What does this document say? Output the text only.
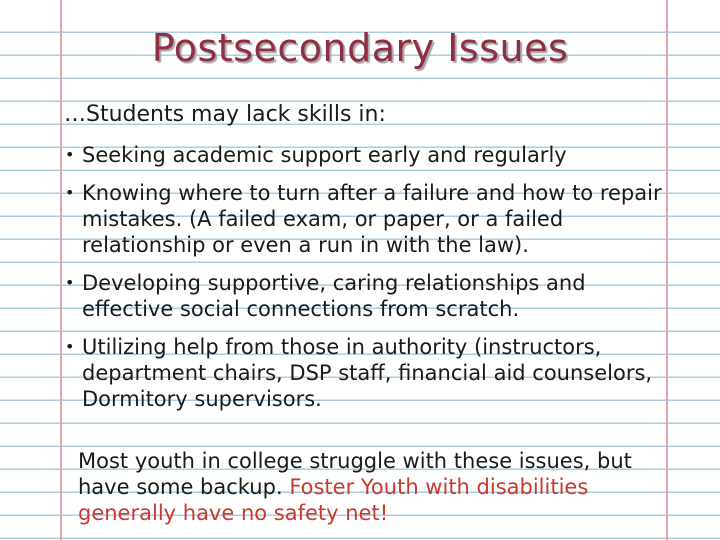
Postsecondary Issues
…Students may lack skills in:
• Seeking academic support early and regularly
• Knowing where to turn after a failure and how to repair mistakes. (A failed exam, or paper, or a failed relationship or even a run in with the law).
• Developing supportive, caring relationships and effective social connections from scratch.
• Utilizing help from those in authority (instructors, department chairs, DSP staff, financial aid counselors, Dormitory supervisors.
Most youth in college struggle with these issues, but have some backup. Foster Youth with disabilities generally have no safety net!
